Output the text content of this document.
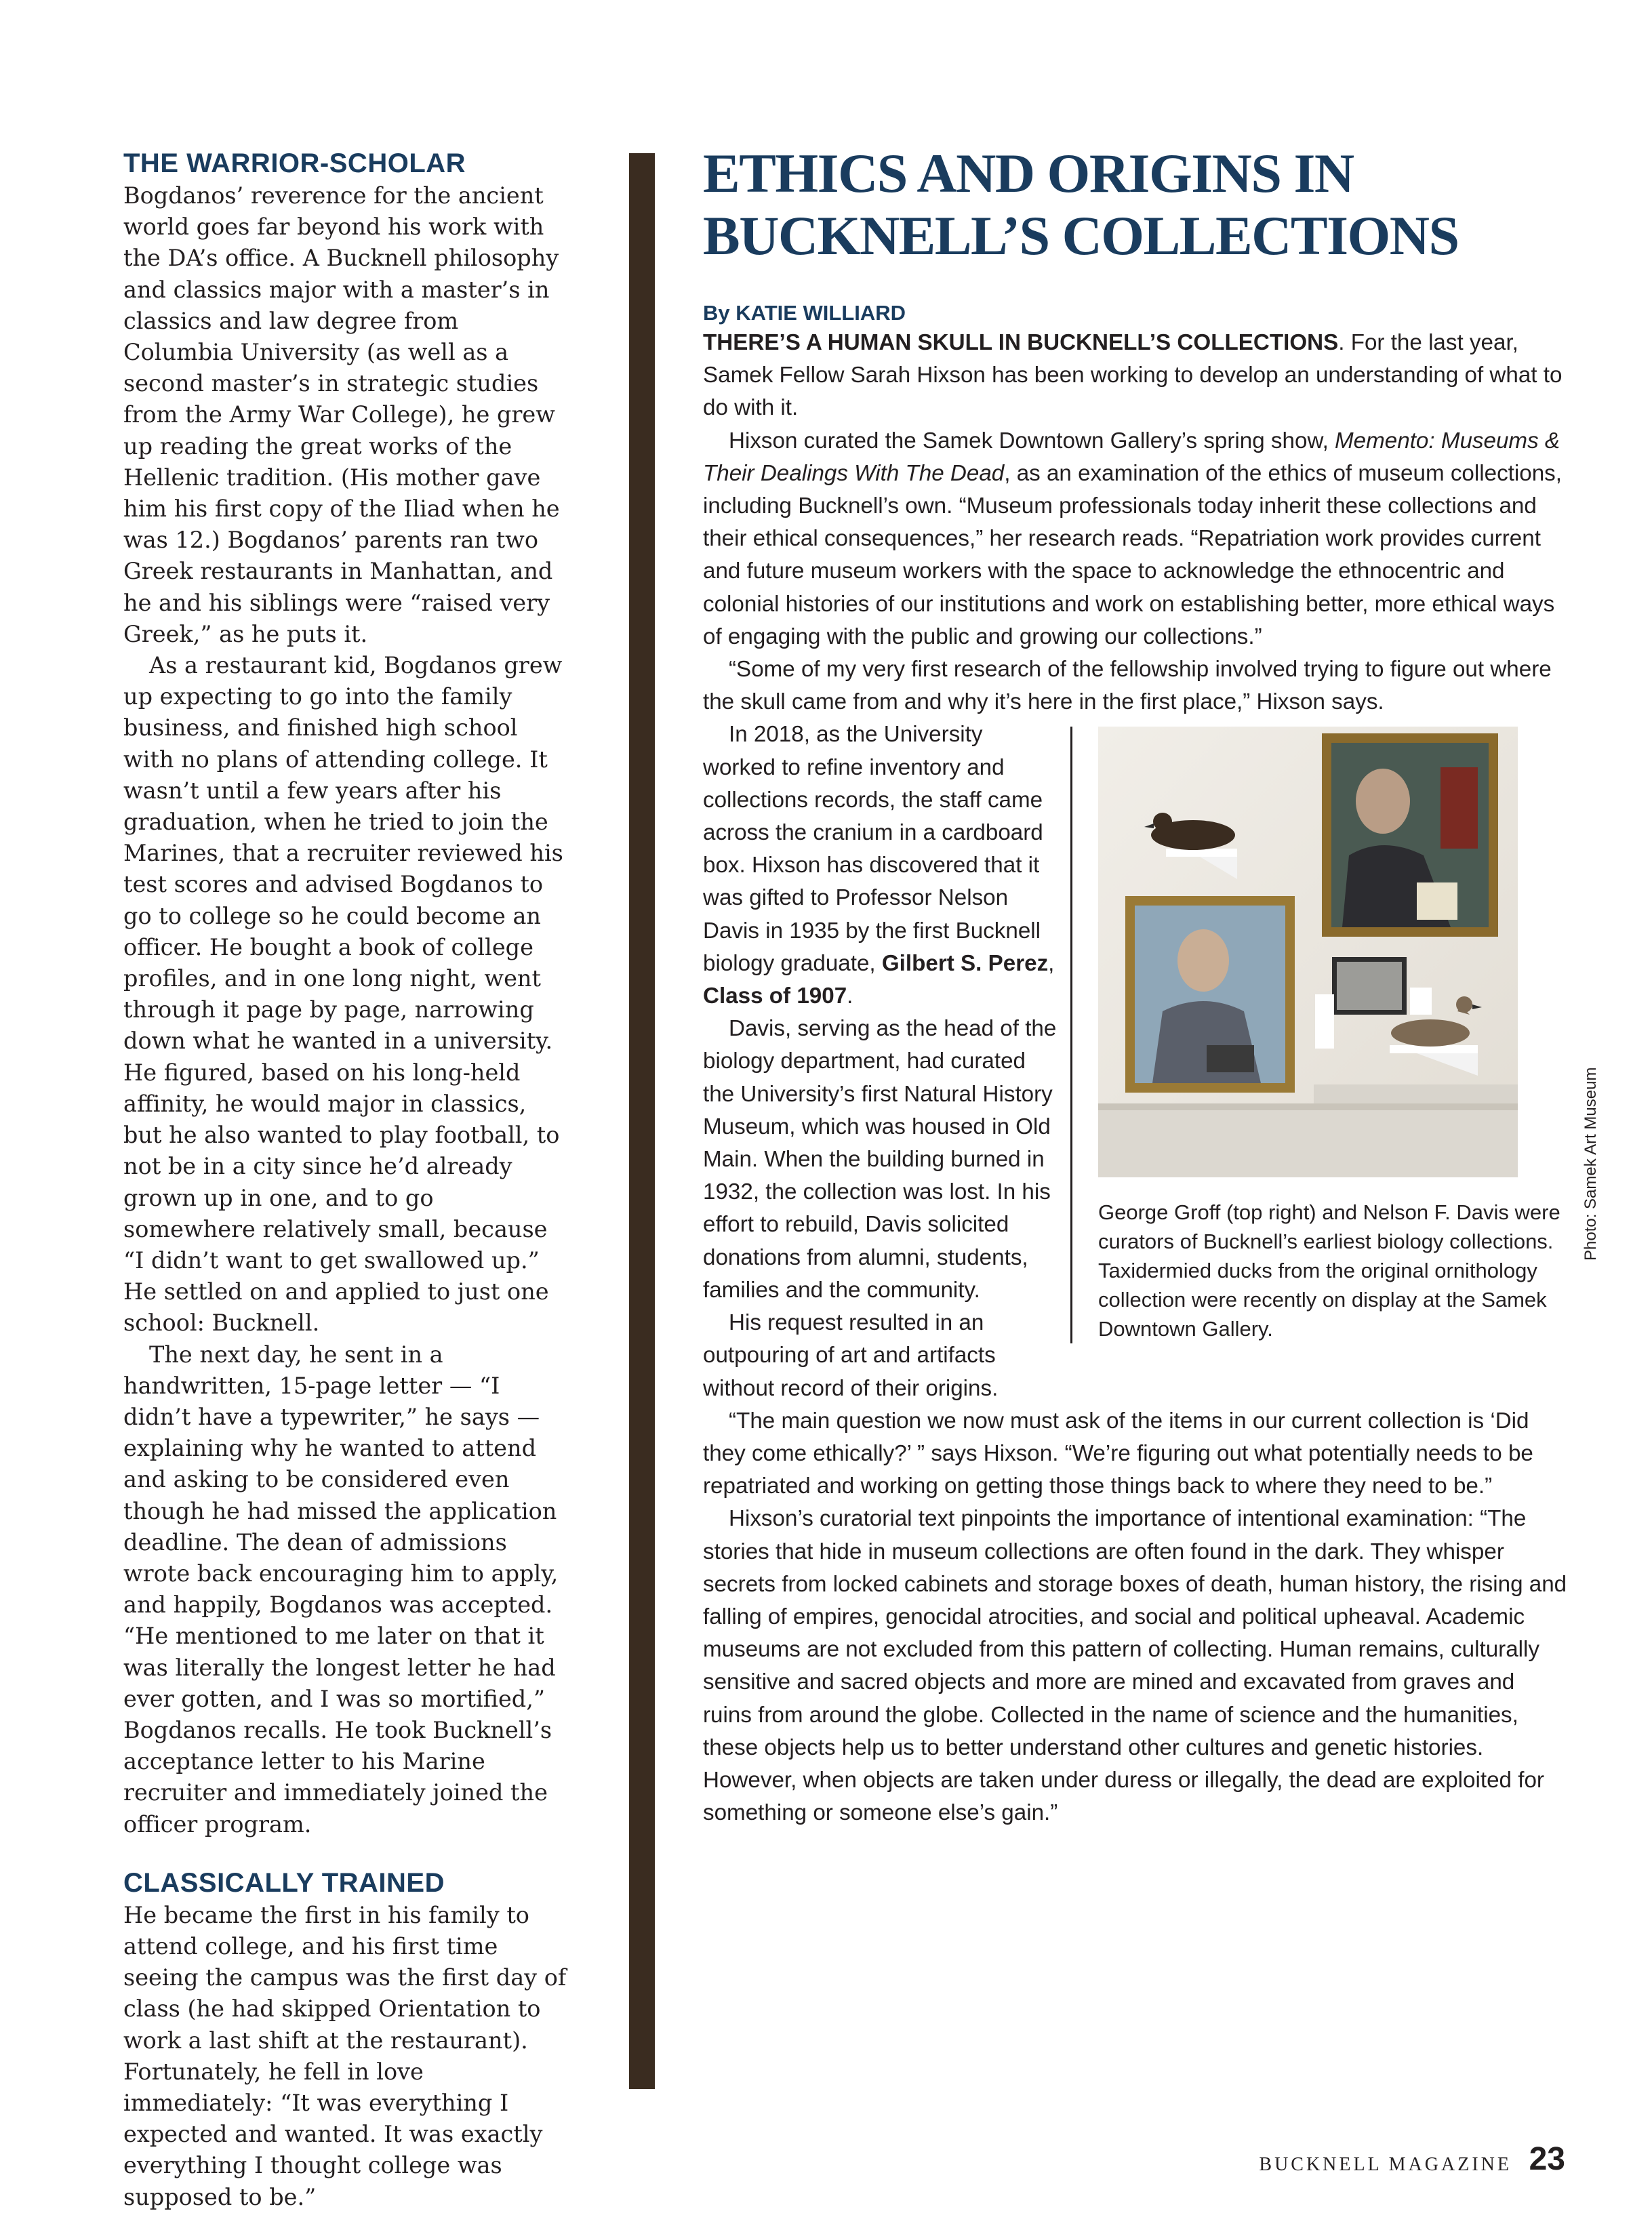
THE WARRIOR-SCHOLAR

Bogdanos’ reverence for the ancient world goes far beyond his work with the DA’s office. A Bucknell philosophy and classics major with a master’s in classics and law degree from Columbia University (as well as a second master’s in strategic studies from the Army War College), he grew up reading the great works of the Hellenic tradition. (His mother gave him his first copy of the Iliad when he was 12.) Bogdanos’ parents ran two Greek restaurants in Manhattan, and he and his siblings were “raised very Greek,” as he puts it.

As a restaurant kid, Bogdanos grew up expecting to go into the family business, and finished high school with no plans of attending college. It wasn’t until a few years after his graduation, when he tried to join the Marines, that a recruiter reviewed his test scores and advised Bogdanos to go to college so he could become an officer. He bought a book of college profiles, and in one long night, went through it page by page, narrowing down what he wanted in a university. He figured, based on his long-held affinity, he would major in classics, but he also wanted to play football, to not be in a city since he’d already grown up in one, and to go somewhere relatively small, because “I didn’t want to get swallowed up.” He settled on and applied to just one school: Bucknell.

The next day, he sent in a handwritten, 15-page letter — “I didn’t have a typewriter,” he says — explaining why he wanted to attend and asking to be considered even though he had missed the application deadline. The dean of admissions wrote back encouraging him to apply, and happily, Bogdanos was accepted. “He mentioned to me later on that it was literally the longest letter he had ever gotten, and I was so mortified,” Bogdanos recalls. He took Bucknell’s acceptance letter to his Marine recruiter and immediately joined the officer program.

CLASSICALLY TRAINED

He became the first in his family to attend college, and his first time seeing the campus was the first day of class (he had skipped Orientation to work a last shift at the restaurant). Fortunately, he fell in love immediately: “It was everything I expected and wanted. It was exactly everything I thought college was supposed to be.”

ETHICS AND ORIGINS IN BUCKNELL’S COLLECTIONS
By KATIE WILLIARD

THERE’S A HUMAN SKULL IN BUCKNELL’S COLLECTIONS. For the last year, Samek Fellow Sarah Hixson has been working to develop an understanding of what to do with it.

Hixson curated the Samek Downtown Gallery’s spring show, Memento: Museums & Their Dealings With The Dead, as an examination of the ethics of museum collections, including Bucknell’s own. “Museum professionals today inherit these collections and their ethical consequences,” her research reads. “Repatriation work provides current and future museum workers with the space to acknowledge the ethnocentric and colonial histories of our institutions and work on establishing better, more ethical ways of engaging with the public and growing our collections.”

“Some of my very first research of the fellowship involved trying to figure out where the skull came from and why it’s here in the first place,” Hixson says.

George Groff (top right) and Nelson F. Davis were curators of Bucknell’s earliest biology collections. Taxidermied ducks from the original ornithology collection were recently on display at the Samek Downtown Gallery.

In 2018, as the University worked to refine inventory and collections records, the staff came across the cranium in a cardboard box. Hixson has discovered that it was gifted to Professor Nelson Davis in 1935 by the first Bucknell biology graduate, Gilbert S. Perez, Class of 1907.

Davis, serving as the head of the biology department, had curated the University’s first Natural History Museum, which was housed in Old Main. When the building burned in 1932, the collection was lost. In his effort to rebuild, Davis solicited donations from alumni, students, families and the community.

His request resulted in an outpouring of art and artifacts without record of their origins.

“The main question we now must ask of the items in our current collection is ‘Did they come ethically?’ ” says Hixson. “We’re figuring out what potentially needs to be repatriated and working on getting those things back to where they need to be.”

Hixson’s curatorial text pinpoints the importance of intentional examination: “The stories that hide in museum collections are often found in the dark. They whisper secrets from locked cabinets and storage boxes of death, human history, the rising and falling of empires, genocidal atrocities, and social and political upheaval. Academic museums are not excluded from this pattern of collecting. Human remains, culturally sensitive and sacred objects and more are mined and excavated from graves and ruins from around the globe. Collected in the name of science and the humanities, these objects help us to better understand other cultures and genetic histories. However, when objects are taken under duress or illegally, the dead are exploited for something or someone else’s gain.”

Photo: Samek Art Museum
BUCKNELL MAGAZINE 23
